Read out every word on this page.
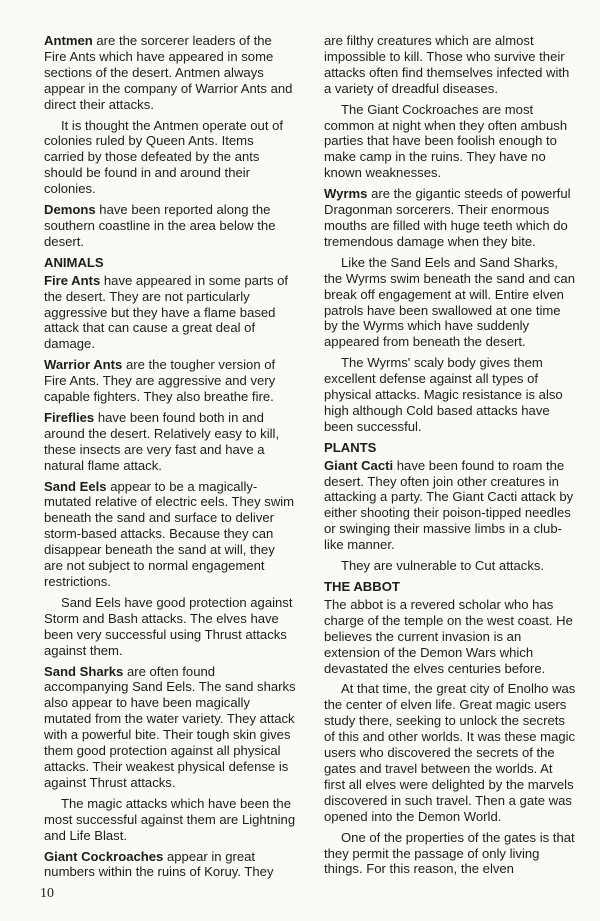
Antmen are the sorcerer leaders of the Fire Ants which have appeared in some sections of the desert. Antmen always appear in the company of Warrior Ants and direct their attacks.

It is thought the Antmen operate out of colonies ruled by Queen Ants. Items carried by those defeated by the ants should be found in and around their colonies.

Demons have been reported along the southern coastline in the area below the desert.

ANIMALS

Fire Ants have appeared in some parts of the desert. They are not particularly aggressive but they have a flame based attack that can cause a great deal of damage.

Warrior Ants are the tougher version of Fire Ants. They are aggressive and very capable fighters. They also breathe fire.

Fireflies have been found both in and around the desert. Relatively easy to kill, these insects are very fast and have a natural flame attack.

Sand Eels appear to be a magically-mutated relative of electric eels. They swim beneath the sand and surface to deliver storm-based attacks. Because they can disappear beneath the sand at will, they are not subject to normal engagement restrictions.

Sand Eels have good protection against Storm and Bash attacks. The elves have been very successful using Thrust attacks against them.

Sand Sharks are often found accompanying Sand Eels. The sand sharks also appear to have been magically mutated from the water variety. They attack with a powerful bite. Their tough skin gives them good protection against all physical attacks. Their weakest physical defense is against Thrust attacks.

The magic attacks which have been the most successful against them are Lightning and Life Blast.

Giant Cockroaches appear in great numbers within the ruins of Koruy. They

are filthy creatures which are almost impossible to kill. Those who survive their attacks often find themselves infected with a variety of dreadful diseases.

The Giant Cockroaches are most common at night when they often ambush parties that have been foolish enough to make camp in the ruins. They have no known weaknesses.

Wyrms are the gigantic steeds of powerful Dragonman sorcerers. Their enormous mouths are filled with huge teeth which do tremendous damage when they bite.

Like the Sand Eels and Sand Sharks, the Wyrms swim beneath the sand and can break off engagement at will. Entire elven patrols have been swallowed at one time by the Wyrms which have suddenly appeared from beneath the desert.

The Wyrms' scaly body gives them excellent defense against all types of physical attacks. Magic resistance is also high although Cold based attacks have been successful.

PLANTS

Giant Cacti have been found to roam the desert. They often join other creatures in attacking a party. The Giant Cacti attack by either shooting their poison-tipped needles or swinging their massive limbs in a club-like manner.

They are vulnerable to Cut attacks.

THE ABBOT

The abbot is a revered scholar who has charge of the temple on the west coast. He believes the current invasion is an extension of the Demon Wars which devastated the elves centuries before.

At that time, the great city of Enolho was the center of elven life. Great magic users study there, seeking to unlock the secrets of this and other worlds. It was these magic users who discovered the secrets of the gates and travel between the worlds. At first all elves were delighted by the marvels discovered in such travel. Then a gate was opened into the Demon World.

One of the properties of the gates is that they permit the passage of only living things. For this reason, the elven

10
